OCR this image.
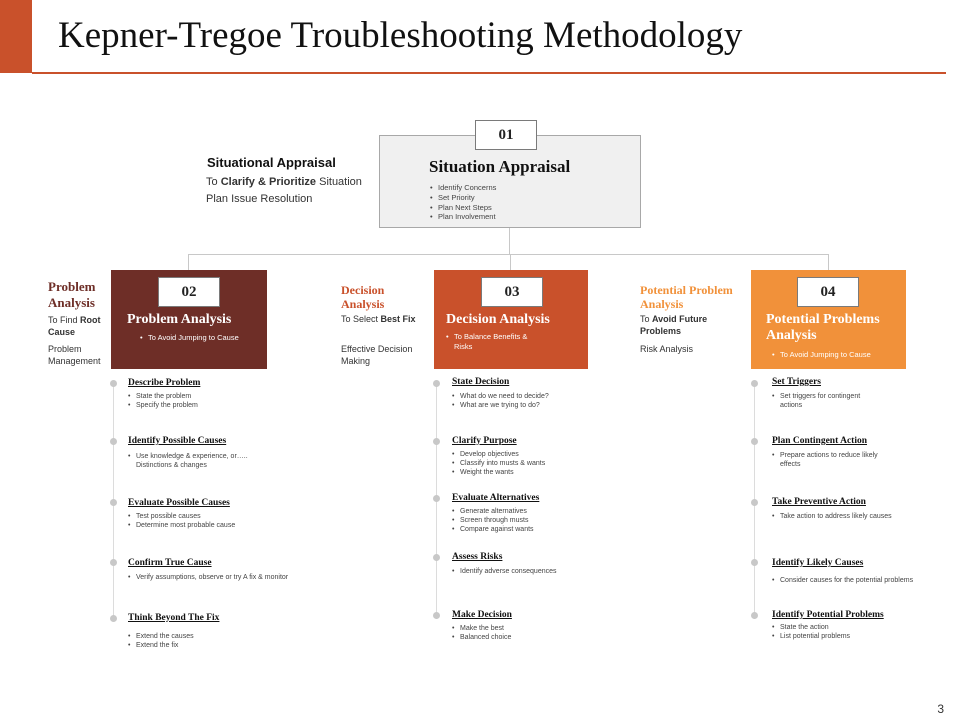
Kepner-Tregoe Troubleshooting Methodology
Situational Appraisal
To Clarify & Prioritize Situation
Plan Issue Resolution
01
Situation Appraisal
• Identify Concerns
• Set Priority
• Plan Next Steps
• Plan Involvement
Problem Analysis
To Find Root Cause
Problem Management
02
Problem Analysis
• To Avoid Jumping to Cause
Describe Problem
• State the problem
• Specify the problem
Identify Possible Causes
• Use knowledge & experience, or….. Distinctions & changes
Evaluate Possible Causes
• Test possible causes
• Determine most probable cause
Confirm True Cause
• Verify assumptions, observe or try A fix & monitor
Think Beyond The Fix
• Extend the causes
• Extend the fix
Decision Analysis
To Select Best Fix
Effective Decision Making
03
Decision Analysis
• To Balance Benefits & Risks
State Decision
• What do we need to decide?
• What are we trying to do?
Clarify Purpose
• Develop objectives
• Classify into musts & wants
• Weight the wants
Evaluate Alternatives
• Generate alternatives
• Screen through musts
• Compare against wants
Assess Risks
• Identify adverse consequences
Make Decision
• Make the best
• Balanced choice
Potential Problem Analysis
To Avoid Future Problems
Risk Analysis
04
Potential Problems Analysis
• To Avoid Jumping to Cause
Set Triggers
• Set triggers for contingent actions
Plan Contingent Action
• Prepare actions to reduce likely effects
Take Preventive Action
• Take action to address likely causes
Identify Likely Causes
• Consider causes for the potential problems
Identify Potential Problems
• State the action
• List potential problems
3
